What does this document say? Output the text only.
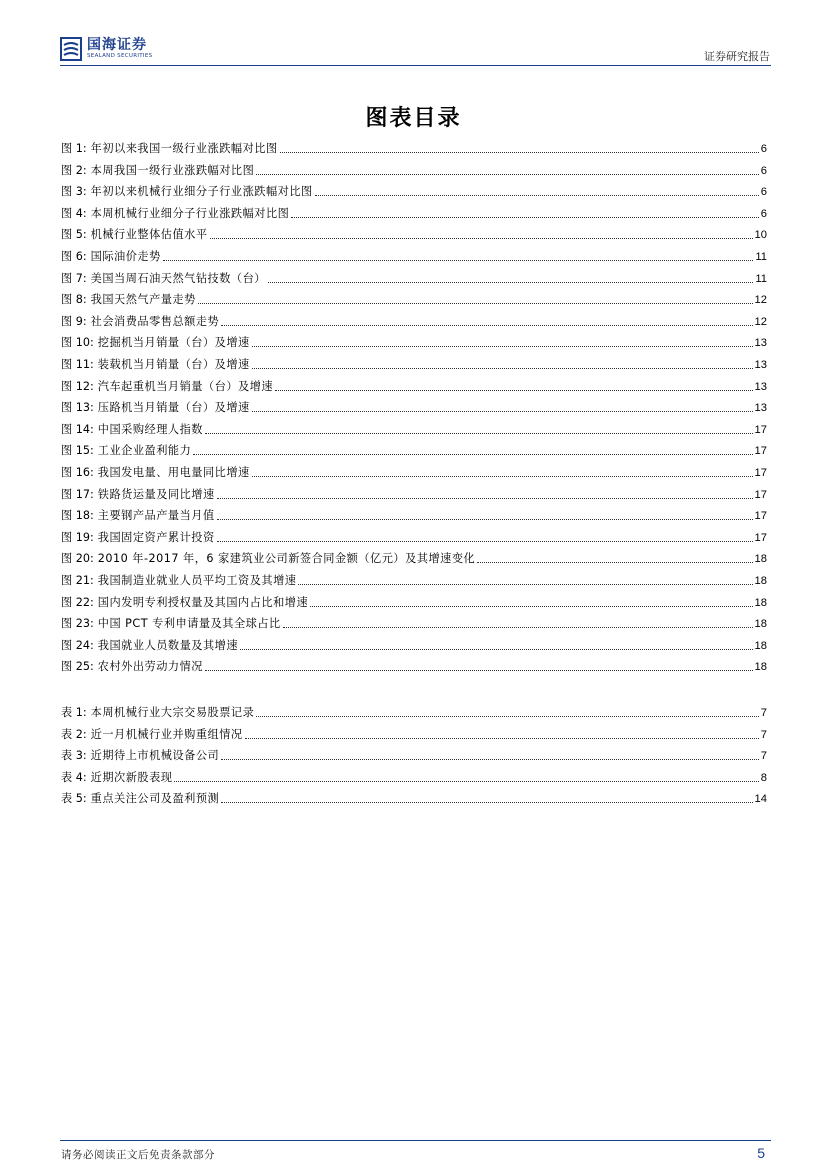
国海证券
SEALAND SECURITIES	证券研究报告
图表目录
图 1: 年初以来我国一级行业涨跌幅对比图	6
图 2: 本周我国一级行业涨跌幅对比图	6
图 3: 年初以来机械行业细分子行业涨跌幅对比图	6
图 4: 本周机械行业细分子行业涨跌幅对比图	6
图 5: 机械行业整体估值水平	10
图 6: 国际油价走势	11
图 7: 美国当周石油天然气钻技数（台）	11
图 8: 我国天然气产量走势	12
图 9: 社会消费品零售总额走势	12
图 10: 挖掘机当月销量（台）及增速	13
图 11: 装载机当月销量（台）及增速	13
图 12: 汽车起重机当月销量（台）及增速	13
图 13: 压路机当月销量（台）及增速	13
图 14: 中国采购经理人指数	17
图 15: 工业企业盈利能力	17
图 16: 我国发电量、用电量同比增速	17
图 17: 铁路货运量及同比增速	17
图 18: 主要钢产品产量当月值	17
图 19: 我国固定资产累计投资	17
图 20: 2010 年-2017 年，6 家建筑业公司新签合同金额（亿元）及其增速变化	18
图 21: 我国制造业就业人员平均工资及其增速	18
图 22: 国内发明专利授权量及其国内占比和增速	18
图 23: 中国 PCT 专利申请量及其全球占比	18
图 24: 我国就业人员数量及其增速	18
图 25: 农村外出劳动力情况	18
表 1: 本周机械行业大宗交易股票记录	7
表 2: 近一月机械行业并购重组情况	7
表 3: 近期待上市机械设备公司	7
表 4: 近期次新股表现	8
表 5: 重点关注公司及盈利预测	14
请务必阅读正文后免责条款部分	5
